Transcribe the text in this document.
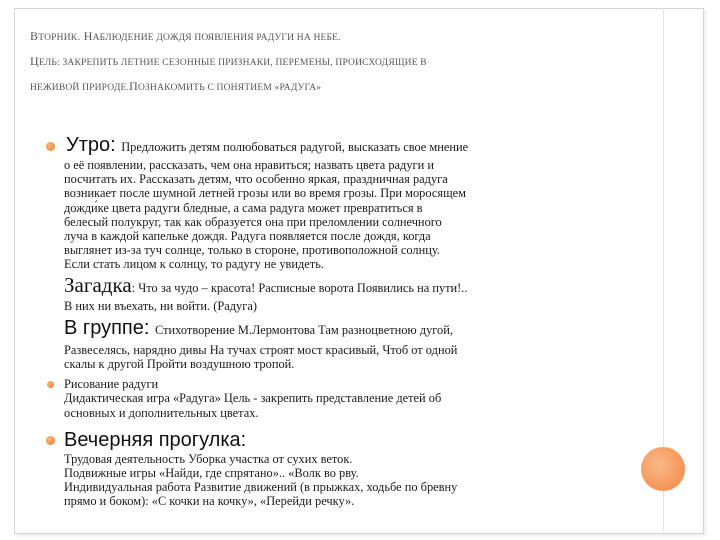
ВТОРНИК. НАБЛЮДЕНИЕ ДОЖДЯ ПОЯВЛЕНИЯ РАДУГИ НА НЕБЕ.
ЦЕЛЬ: ЗАКРЕПИТЬ ЛЕТНИЕ СЕЗОННЫЕ ПРИЗНАКИ, ПЕРЕМЕНЫ, ПРОИСХОДЯЩИЕ В
НЕЖИВОЙ ПРИРОДЕ.ПОЗНАКОМИТЬ С ПОНЯТИЕМ «РАДУГА»
Утро: Предложить детям полюбоваться радугой, высказать свое мнение
о её появлении, рассказать, чем она нравиться; назвать цвета радуги и
посчитать их. Рассказать детям, что особенно яркая, праздничная радуга
возникает после шумной летней грозы или во время грозы. При моросящем
дожди́ке цвета радуги бледные, а сама радуга может превратиться в
белесый полукруг, так как образуется она при преломлении солнечного
луча в каждой капельке дождя. Радуга появляется после дождя, когда
выглянет из-за туч солнце, только в стороне, противоположной солнцу.
Если стать лицом к солнцу, то радугу не увидеть.
Загадка: Что за чудо – красота! Расписные ворота Появились на пути!..
В них ни въехать, ни войти. (Радуга)
В группе: Стихотворение М.Лермонтова Там разноцветною дугой,
Развеселясь, нарядно дивы На тучах строят мост красивый, Чтоб от одной
скалы к другой Пройти воздушною тропой.
Рисование радуги
Дидактическая игра «Радуга» Цель - закрепить представление детей об
основных и дополнительных цветах.
Вечерняя прогулка:
Трудовая деятельность Уборка участка от сухих веток.
Подвижные игры «Найди, где спрятано».. «Волк во рву.
Индивидуальная работа Развитие движений (в прыжках, ходьбе по бревну
прямо и боком): «С кочки на кочку», «Перейди речку».
